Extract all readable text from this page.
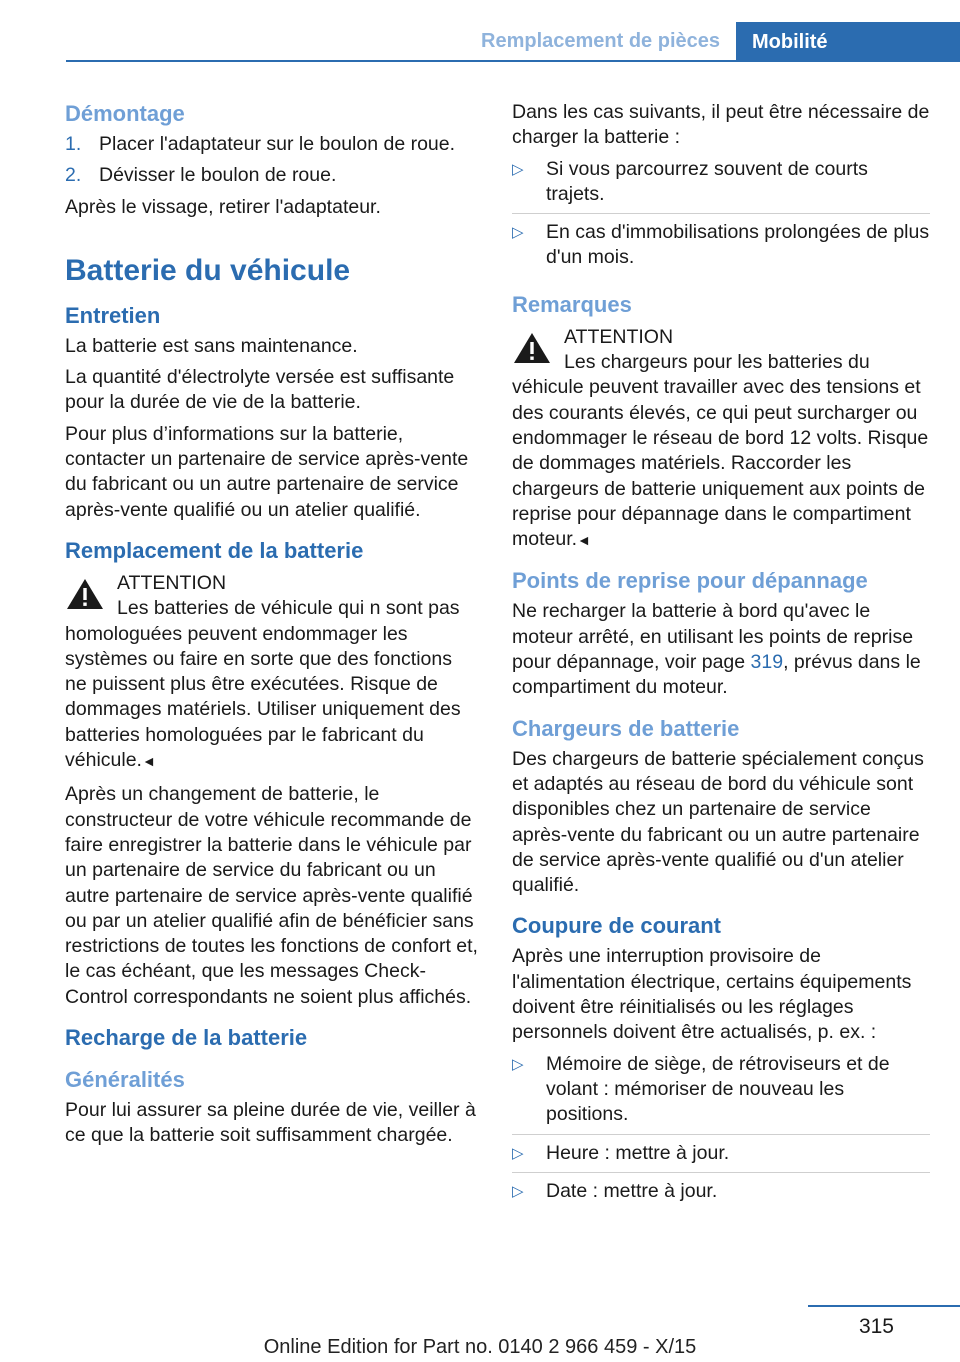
Remplacement de pièces	Mobilité
Démontage
1. Placer l'adaptateur sur le boulon de roue.
2. Dévisser le boulon de roue.

Après le vissage, retirer l'adaptateur.

Batterie du véhicule
Entretien

La batterie est sans maintenance.

La quantité d'électrolyte versée est suffisante pour la durée de vie de la batterie.

Pour plus d’informations sur la batterie, contacter un partenaire de service après-vente du fabricant ou un autre partenaire de service après-vente qualifié ou un atelier qualifié.

Remplacement de la batterie
ATTENTION
Les batteries de véhicule qui n sont pas homologuées peuvent endommager les systèmes ou faire en sorte que des fonctions ne puissent plus être exécutées. Risque de dommages matériels. Utiliser uniquement des batteries homologuées par le fabricant du véhicule.◄

Après un changement de batterie, le constructeur de votre véhicule recommande de faire enregistrer la batterie dans le véhicule par un partenaire de service du fabricant ou un autre partenaire de service après-vente qualifié ou par un atelier qualifié afin de bénéficier sans restrictions de toutes les fonctions de confort et, le cas échéant, que les messages Check-Control correspondants ne soient plus affichés.

Recharge de la batterie
Généralités

Pour lui assurer sa pleine durée de vie, veiller à ce que la batterie soit suffisamment chargée.

Dans les cas suivants, il peut être nécessaire de charger la batterie :

▷ Si vous parcourrez souvent de courts trajets.
▷ En cas d'immobilisations prolongées de plus d'un mois.
Remarques
ATTENTION
Les chargeurs pour les batteries du véhicule peuvent travailler avec des tensions et des courants élevés, ce qui peut surcharger ou endommager le réseau de bord 12 volts. Risque de dommages matériels. Raccorder les chargeurs de batterie uniquement aux points de reprise pour dépannage dans le compartiment moteur.◄
Points de reprise pour dépannage

Ne recharger la batterie à bord qu'avec le moteur arrêté, en utilisant les points de reprise pour dépannage, voir page 319, prévus dans le compartiment du moteur.

Chargeurs de batterie

Des chargeurs de batterie spécialement conçus et adaptés au réseau de bord du véhicule sont disponibles chez un partenaire de service après-vente du fabricant ou un autre partenaire de service après-vente qualifié ou d'un atelier qualifié.

Coupure de courant

Après une interruption provisoire de l'alimentation électrique, certains équipements doivent être réinitialisés ou les réglages personnels doivent être actualisés, p. ex. :

▷ Mémoire de siège, de rétroviseurs et de volant : mémoriser de nouveau les positions.
▷ Heure : mettre à jour.
▷ Date : mettre à jour.
315
Online Edition for Part no. 0140 2 966 459 - X/15
